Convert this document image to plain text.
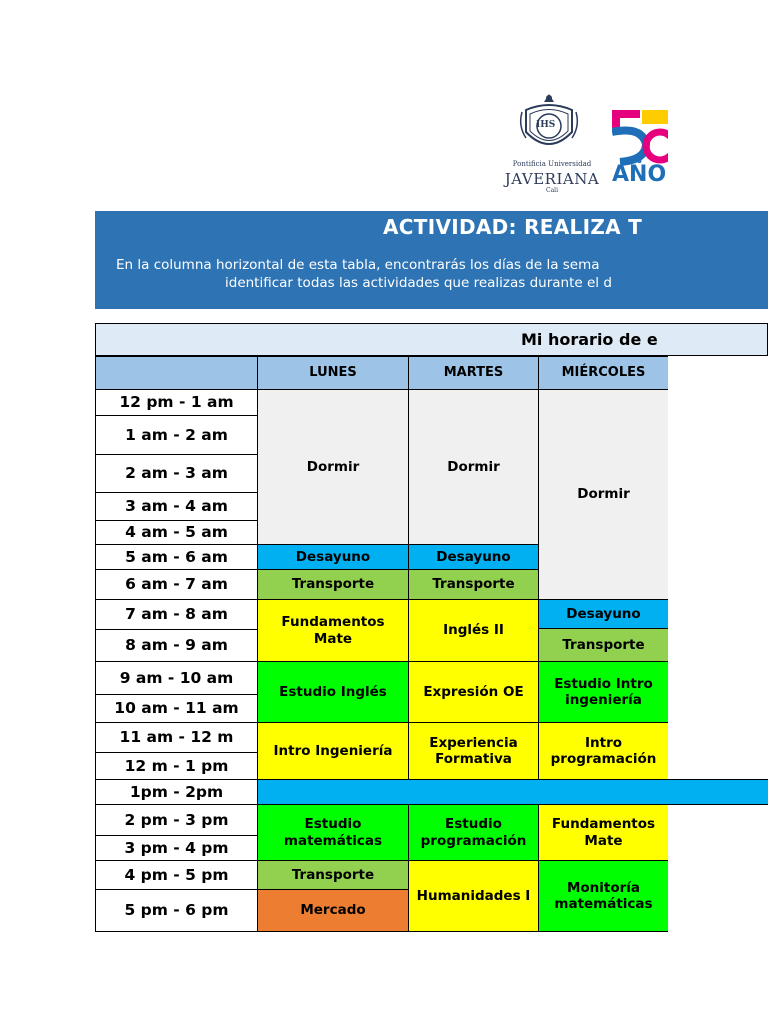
IHS
Pontificia Universidad
JAVERIANA
Cali
AÑO
ACTIVIDAD: REALIZA T
En la columna horizontal de esta tabla, encontrarás los días de la sema
identificar todas las actividades que realizas durante el d
Mi horario de e
LUNES	MARTES	MIÉRCOLES
12 pm - 1 am
1 am - 2 am
2 am - 3 am
3 am - 4 am
4 am - 5 am
5 am - 6 am
6 am - 7 am
7 am - 8 am
8 am - 9 am
9 am - 10 am
10 am - 11 am
11 am - 12 m
12 m - 1 pm
1pm - 2pm
2 pm - 3 pm
3 pm - 4 pm
4 pm - 5 pm
5 pm - 6 pm
Dormir
Desayuno
Transporte
Fundamentos Mate
Estudio Inglés
Intro Ingeniería
Estudio matemáticas
Transporte
Mercado
Dormir
Desayuno
Transporte
Inglés II
Expresión OE
Experiencia Formativa
Estudio programación
Humanidades I
Dormir
Desayuno
Transporte
Estudio Intro ingeniería
Intro programación
Fundamentos Mate
Monitoría matemáticas
